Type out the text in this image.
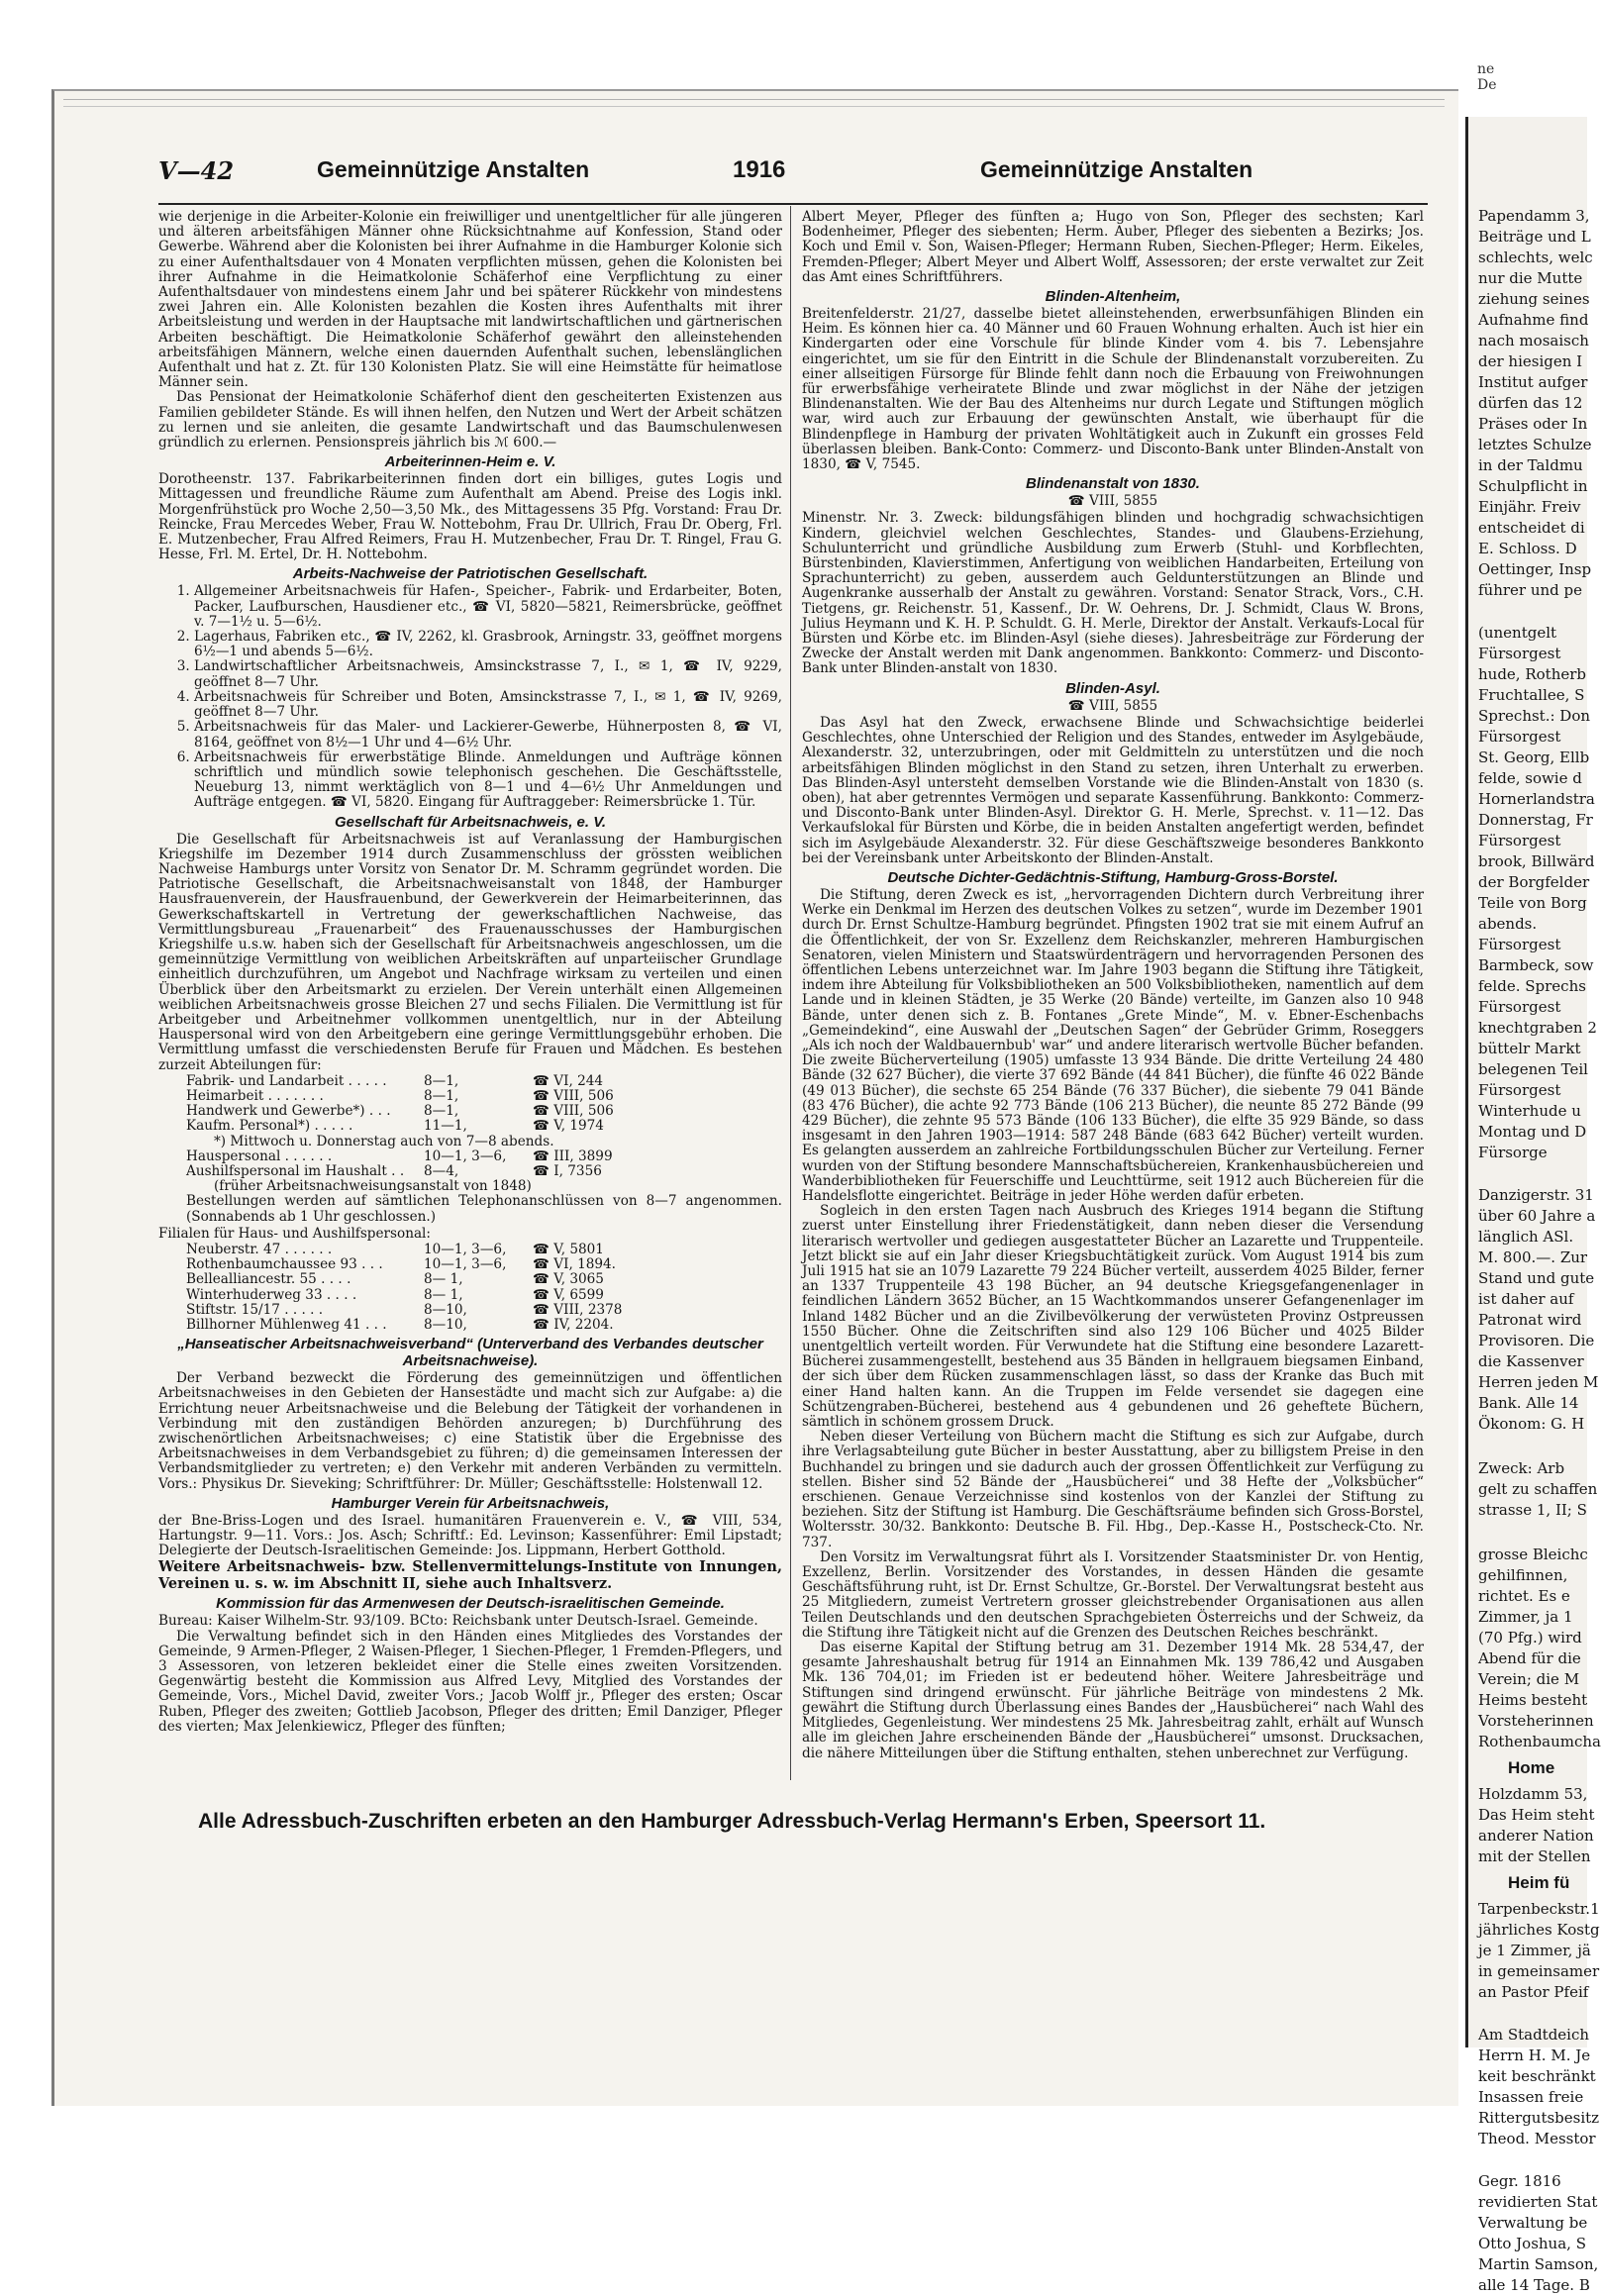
ne
De
Papendamm 3,
Beiträge und L
schlechts, welc
nur die Mutte
ziehung seines
Aufnahme find
nach mosaisch
der hiesigen I
Institut aufger
dürfen das 12
Präses oder In
letztes Schulze
in der Taldmu
Schulpflicht in
Einjähr. Freiv
entscheidet di
E. Schloss. D
Oettinger, Insp
führer und pe
(unentgelt
Fürsorgest
hude, Rotherb
Fruchtallee, S
Sprechst.: Don
Fürsorgest
St. Georg, Ellb
felde, sowie d
Hornerlandstra
Donnerstag, Fr
Fürsorgest
brook, Billwärd
der Borgfelder
Teile von Borg
abends.
Fürsorgest
Barmbeck, sow
felde. Sprechs
Fürsorgest
knechtgraben 2
büttelr Markt
belegenen Teil
Fürsorgest
Winterhude u
Montag und D
Fürsorge
Danzigerstr. 31
über 60 Jahre a
länglich ASl.
M. 800.—. Zur
Stand und gute
ist daher auf
Patronat wird
Provisoren. Die
die Kassenver
Herren jeden M
Bank. Alle 14
Ökonom: G. H
Zweck: Arb
gelt zu schaffen
strasse 1, II; S
grosse Bleichc
gehilfinnen,
richtet. Es e
Zimmer, ja 1
(70 Pfg.) wird
Abend für die
Verein; die M
Heims besteht
Vorsteherinnen
Rothenbaumcha
Home
Holzdamm 53,
Das Heim steht
anderer Nation
mit der Stellen
Heim fü
Tarpenbeckstr.1
jährliches Kostg
je 1 Zimmer, jä
in gemeinsamer
an Pastor Pfeif
Am Stadtdeich
Herrn H. M. Je
keit beschränkt
Insassen freie
Rittergutsbesitz
Theod. Messtor
Gegr. 1816
revidierten Stat
Verwaltung be
Otto Joshua, S
Martin Samson,
alle 14 Tage. B
V—42	Gemeinnützige Anstalten	1916	Gemeinnützige Anstalten

wie derjenige in die Arbeiter-Kolonie ein freiwilliger und unentgeltlicher für alle jüngeren und älteren arbeitsfähigen Männer ohne Rücksichtnahme auf Konfession, Stand oder Gewerbe. Während aber die Kolonisten bei ihrer Aufnahme in die Hamburger Kolonie sich zu einer Aufenthaltsdauer von 4 Monaten verpflichten müssen, gehen die Kolonisten bei ihrer Aufnahme in die Heimatkolonie Schäferhof eine Verpflichtung zu einer Aufenthaltsdauer von mindestens einem Jahr und bei späterer Rückkehr von mindestens zwei Jahren ein. Alle Kolonisten bezahlen die Kosten ihres Aufenthalts mit ihrer Arbeitsleistung und werden in der Hauptsache mit landwirtschaftlichen und gärtnerischen Arbeiten beschäftigt. Die Heimatkolonie Schäferhof gewährt den alleinstehenden arbeitsfähigen Männern, welche einen dauernden Aufenthalt suchen, lebenslänglichen Aufenthalt und hat z. Zt. für 130 Kolonisten Platz. Sie will eine Heimstätte für heimatlose Männer sein.

Das Pensionat der Heimatkolonie Schäferhof dient den gescheiterten Existenzen aus Familien gebildeter Stände. Es will ihnen helfen, den Nutzen und Wert der Arbeit schätzen zu lernen und sie anleiten, die gesamte Landwirtschaft und das Baumschulenwesen gründlich zu erlernen. Pensionspreis jährlich bis ℳ 600.—

Arbeiterinnen-Heim e. V.

Dorotheenstr. 137. Fabrikarbeiterinnen finden dort ein billiges, gutes Logis und Mittagessen und freundliche Räume zum Aufenthalt am Abend. Preise des Logis inkl. Morgenfrühstück pro Woche 2,50—3,50 Mk., des Mittagessens 35 Pfg. Vorstand: Frau Dr. Reincke, Frau Mercedes Weber, Frau W. Nottebohm, Frau Dr. Ullrich, Frau Dr. Oberg, Frl. E. Mutzenbecher, Frau Alfred Reimers, Frau H. Mutzenbecher, Frau Dr. T. Ringel, Frau G. Hesse, Frl. M. Ertel, Dr. H. Nottebohm.

Arbeits-Nachweise der Patriotischen Gesellschaft.
1. Allgemeiner Arbeitsnachweis für Hafen-, Speicher-, Fabrik- und Erdarbeiter, Boten, Packer, Laufburschen, Hausdiener etc., ☎ VI, 5820—5821, Reimersbrücke, geöffnet v. 7—1½ u. 5—6½.
2. Lagerhaus, Fabriken etc., ☎ IV, 2262, kl. Grasbrook, Arningstr. 33, geöffnet morgens 6½—1 und abends 5—6½.
3. Landwirtschaftlicher Arbeitsnachweis, Amsinckstrasse 7, I., ✉ 1, ☎ IV, 9229, geöffnet 8—7 Uhr.
4. Arbeitsnachweis für Schreiber und Boten, Amsinckstrasse 7, I., ✉ 1, ☎ IV, 9269, geöffnet 8—7 Uhr.
5. Arbeitsnachweis für das Maler- und Lackierer-Gewerbe, Hühnerposten 8, ☎ VI, 8164, geöffnet von 8½—1 Uhr und 4—6½ Uhr.
6. Arbeitsnachweis für erwerbstätige Blinde. Anmeldungen und Aufträge können schriftlich und mündlich sowie telephonisch geschehen. Die Geschäftsstelle, Neueburg 13, nimmt werktäglich von 8—1 und 4—6½ Uhr Anmeldungen und Aufträge entgegen. ☎ VI, 5820. Eingang für Auftraggeber: Reimersbrücke 1. Tür.
Gesellschaft für Arbeitsnachweis, e. V.

Die Gesellschaft für Arbeitsnachweis ist auf Veranlassung der Hamburgischen Kriegshilfe im Dezember 1914 durch Zusammenschluss der grössten weiblichen Nachweise Hamburgs unter Vorsitz von Senator Dr. M. Schramm gegründet worden. Die Patriotische Gesellschaft, die Arbeitsnachweisanstalt von 1848, der Hamburger Hausfrauenverein, der Hausfrauenbund, der Gewerkverein der Heimarbeiterinnen, das Gewerkschaftskartell in Vertretung der gewerkschaftlichen Nachweise, das Vermittlungsbureau „Frauenarbeit“ des Frauenausschusses der Hamburgischen Kriegshilfe u.s.w. haben sich der Gesellschaft für Arbeitsnachweis angeschlossen, um die gemeinnützige Vermittlung von weiblichen Arbeitskräften auf unparteiischer Grundlage einheitlich durchzuführen, um Angebot und Nachfrage wirksam zu verteilen und einen Überblick über den Arbeitsmarkt zu erzielen. Der Verein unterhält einen Allgemeinen weiblichen Arbeitsnachweis grosse Bleichen 27 und sechs Filialen. Die Vermittlung ist für Arbeitgeber und Arbeitnehmer vollkommen unentgeltlich, nur in der Abteilung Hauspersonal wird von den Arbeitgebern eine geringe Vermittlungsgebühr erhoben. Die Vermittlung umfasst die verschiedensten Berufe für Frauen und Mädchen. Es bestehen zurzeit Abteilungen für:

Fabrik- und Landarbeit . . . . .	8—1,	☎ VI, 244
Heimarbeit . . . . . . .	8—1,	☎ VIII, 506
Handwerk und Gewerbe*) . . .	8—1,	☎ VIII, 506
Kaufm. Personal*) . . . . .	11—1,	☎ V, 1974
*) Mittwoch u. Donnerstag auch von 7—8 abends.
Hauspersonal . . . . . .	10—1, 3—6,	☎ III, 3899
Aushilfspersonal im Haushalt . .	8—4,	☎ I, 7356
(früher Arbeitsnachweisungsanstalt von 1848)
Bestellungen werden auf sämtlichen Telephonanschlüssen von 8—7 angenommen. (Sonnabends ab 1 Uhr geschlossen.)
Filialen für Haus- und Aushilfspersonal:
Neuberstr. 47 . . . . . .	10—1, 3—6,	☎ V, 5801
Rothenbaumchaussee 93 . . .	10—1, 3—6,	☎ VI, 1894.
Bellealliancestr. 55 . . . .	8— 1,	☎ V, 3065
Winterhuderweg 33 . . . .	8— 1,	☎ V, 6599
Stiftstr. 15/17 . . . . .	8—10,	☎ VIII, 2378
Billhorner Mühlenweg 41 . . .	8—10,	☎ IV, 2204.
„Hanseatischer Arbeitsnachweisverband“ (Unterverband des Verbandes deutscher Arbeitsnachweise).

Der Verband bezweckt die Förderung des gemeinnützigen und öffentlichen Arbeitsnachweises in den Gebieten der Hansestädte und macht sich zur Aufgabe: a) die Errichtung neuer Arbeitsnachweise und die Belebung der Tätigkeit der vorhandenen in Verbindung mit den zuständigen Behörden anzuregen; b) Durchführung des zwischenörtlichen Arbeitsnachweises; c) eine Statistik über die Ergebnisse des Arbeitsnachweises in dem Verbandsgebiet zu führen; d) die gemeinsamen Interessen der Verbandsmitglieder zu vertreten; e) den Verkehr mit anderen Verbänden zu vermitteln. Vors.: Physikus Dr. Sieveking; Schriftführer: Dr. Müller; Geschäftsstelle: Holstenwall 12.

Hamburger Verein für Arbeitsnachweis,

der Bne-Briss-Logen und des Israel. humanitären Frauenverein e. V., ☎ VIII, 534, Hartungstr. 9—11. Vors.: Jos. Asch; Schriftf.: Ed. Levinson; Kassenführer: Emil Lipstadt; Delegierte der Deutsch-Israelitischen Gemeinde: Jos. Lippmann, Herbert Gotthold.

Weitere Arbeitsnachweis- bzw. Stellenvermittelungs-Institute von Innungen, Vereinen u. s. w. im Abschnitt II, siehe auch Inhaltsverz.

Kommission für das Armenwesen der Deutsch-israelitischen Gemeinde.

Bureau: Kaiser Wilhelm-Str. 93/109. BCto: Reichsbank unter Deutsch-Israel. Gemeinde.

Die Verwaltung befindet sich in den Händen eines Mitgliedes des Vorstandes der Gemeinde, 9 Armen-Pfleger, 2 Waisen-Pfleger, 1 Siechen-Pfleger, 1 Fremden-Pflegers, und 3 Assessoren, von letzeren bekleidet einer die Stelle eines zweiten Vorsitzenden. Gegenwärtig besteht die Kommission aus Alfred Levy, Mitglied des Vorstandes der Gemeinde, Vors., Michel David, zweiter Vors.; Jacob Wolff jr., Pfleger des ersten; Oscar Ruben, Pfleger des zweiten; Gottlieb Jacobson, Pfleger des dritten; Emil Danziger, Pfleger des vierten; Max Jelenkiewicz, Pfleger des fünften;

Albert Meyer, Pfleger des fünften a; Hugo von Son, Pfleger des sechsten; Karl Bodenheimer, Pfleger des siebenten; Herm. Auber, Pfleger des siebenten a Bezirks; Jos. Koch und Emil v. Son, Waisen-Pfleger; Hermann Ruben, Siechen-Pfleger; Herm. Eikeles, Fremden-Pfleger; Albert Meyer und Albert Wolff, Assessoren; der erste verwaltet zur Zeit das Amt eines Schriftführers.

Blinden-Altenheim,

Breitenfelderstr. 21/27, dasselbe bietet alleinstehenden, erwerbsunfähigen Blinden ein Heim. Es können hier ca. 40 Männer und 60 Frauen Wohnung erhalten. Auch ist hier ein Kindergarten oder eine Vorschule für blinde Kinder vom 4. bis 7. Lebensjahre eingerichtet, um sie für den Eintritt in die Schule der Blindenanstalt vorzubereiten. Zu einer allseitigen Fürsorge für Blinde fehlt dann noch die Erbauung von Freiwohnungen für erwerbsfähige verheiratete Blinde und zwar möglichst in der Nähe der jetzigen Blindenanstalten. Wie der Bau des Altenheims nur durch Legate und Stiftungen möglich war, wird auch zur Erbauung der gewünschten Anstalt, wie überhaupt für die Blindenpflege in Hamburg der privaten Wohltätigkeit auch in Zukunft ein grosses Feld überlassen bleiben. Bank-Conto: Commerz- und Disconto-Bank unter Blinden-Anstalt von 1830, ☎ V, 7545.

Blindenanstalt von 1830.
☎ VIII, 5855

Minenstr. Nr. 3. Zweck: bildungsfähigen blinden und hochgradig schwachsichtigen Kindern, gleichviel welchen Geschlechtes, Standes- und Glaubens-Erziehung, Schulunterricht und gründliche Ausbildung zum Erwerb (Stuhl- und Korbflechten, Bürstenbinden, Klavierstimmen, Anfertigung von weiblichen Handarbeiten, Erteilung von Sprachunterricht) zu geben, ausserdem auch Geldunterstützungen an Blinde und Augenkranke ausserhalb der Anstalt zu gewähren. Vorstand: Senator Strack, Vors., C.H. Tietgens, gr. Reichenstr. 51, Kassenf., Dr. W. Oehrens, Dr. J. Schmidt, Claus W. Brons, Julius Heymann und K. H. P. Schuldt. G. H. Merle, Direktor der Anstalt. Verkaufs-Local für Bürsten und Körbe etc. im Blinden-Asyl (siehe dieses). Jahresbeiträge zur Förderung der Zwecke der Anstalt werden mit Dank angenommen. Bankkonto: Commerz- und Disconto-Bank unter Blinden-anstalt von 1830.

Blinden-Asyl.
☎ VIII, 5855

Das Asyl hat den Zweck, erwachsene Blinde und Schwachsichtige beiderlei Geschlechtes, ohne Unterschied der Religion und des Standes, entweder im Asylgebäude, Alexanderstr. 32, unterzubringen, oder mit Geldmitteln zu unterstützen und die noch arbeitsfähigen Blinden möglichst in den Stand zu setzen, ihren Unterhalt zu erwerben. Das Blinden-Asyl untersteht demselben Vorstande wie die Blinden-Anstalt von 1830 (s. oben), hat aber getrenntes Vermögen und separate Kassenführung. Bankkonto: Commerz- und Disconto-Bank unter Blinden-Asyl. Direktor G. H. Merle, Sprechst. v. 11—12. Das Verkaufslokal für Bürsten und Körbe, die in beiden Anstalten angefertigt werden, befindet sich im Asylgebäude Alexanderstr. 32. Für diese Geschäftszweige besonderes Bankkonto bei der Vereinsbank unter Arbeitskonto der Blinden-Anstalt.

Deutsche Dichter-Gedächtnis-Stiftung, Hamburg-Gross-Borstel.

Die Stiftung, deren Zweck es ist, „hervorragenden Dichtern durch Verbreitung ihrer Werke ein Denkmal im Herzen des deutschen Volkes zu setzen“, wurde im Dezember 1901 durch Dr. Ernst Schultze-Hamburg begründet. Pfingsten 1902 trat sie mit einem Aufruf an die Öffentlichkeit, der von Sr. Exzellenz dem Reichskanzler, mehreren Hamburgischen Senatoren, vielen Ministern und Staatswürdenträgern und hervorragenden Personen des öffentlichen Lebens unterzeichnet war. Im Jahre 1903 begann die Stiftung ihre Tätigkeit, indem ihre Abteilung für Volksbibliotheken an 500 Volksbibliotheken, namentlich auf dem Lande und in kleinen Städten, je 35 Werke (20 Bände) verteilte, im Ganzen also 10 948 Bände, unter denen sich z. B. Fontanes „Grete Minde“, M. v. Ebner-Eschenbachs „Gemeindekind“, eine Auswahl der „Deutschen Sagen“ der Gebrüder Grimm, Roseggers „Als ich noch der Waldbauernbub' war“ und andere literarisch wertvolle Bücher befanden. Die zweite Bücherverteilung (1905) umfasste 13 934 Bände. Die dritte Verteilung 24 480 Bände (32 627 Bücher), die vierte 37 692 Bände (44 841 Bücher), die fünfte 46 022 Bände (49 013 Bücher), die sechste 65 254 Bände (76 337 Bücher), die siebente 79 041 Bände (83 476 Bücher), die achte 92 773 Bände (106 213 Bücher), die neunte 85 272 Bände (99 429 Bücher), die zehnte 95 573 Bände (106 133 Bücher), die elfte 35 929 Bände, so dass insgesamt in den Jahren 1903—1914: 587 248 Bände (683 642 Bücher) verteilt wurden. Es gelangten ausserdem an zahlreiche Fortbildungsschulen Bücher zur Verteilung. Ferner wurden von der Stiftung besondere Mannschaftsbüchereien, Krankenhausbüchereien und Wanderbibliotheken für Feuerschiffe und Leuchttürme, seit 1912 auch Büchereien für die Handelsflotte eingerichtet. Beiträge in jeder Höhe werden dafür erbeten.

Sogleich in den ersten Tagen nach Ausbruch des Krieges 1914 begann die Stiftung zuerst unter Einstellung ihrer Friedenstätigkeit, dann neben dieser die Versendung literarisch wertvoller und gediegen ausgestatteter Bücher an Lazarette und Truppenteile. Jetzt blickt sie auf ein Jahr dieser Kriegsbuchtätigkeit zurück. Vom August 1914 bis zum Juli 1915 hat sie an 1079 Lazarette 79 224 Bücher verteilt, ausserdem 4025 Bilder, ferner an 1337 Truppenteile 43 198 Bücher, an 94 deutsche Kriegsgefangenenlager in feindlichen Ländern 3652 Bücher, an 15 Wachtkommandos unserer Gefangenenlager im Inland 1482 Bücher und an die Zivilbevölkerung der verwüsteten Provinz Ostpreussen 1550 Bücher. Ohne die Zeitschriften sind also 129 106 Bücher und 4025 Bilder unentgeltlich verteilt worden. Für Verwundete hat die Stiftung eine besondere Lazarett-Bücherei zusammengestellt, bestehend aus 35 Bänden in hellgrauem biegsamen Einband, der sich über dem Rücken zusammenschlagen lässt, so dass der Kranke das Buch mit einer Hand halten kann. An die Truppen im Felde versendet sie dagegen eine Schützengraben-Bücherei, bestehend aus 4 gebundenen und 26 geheftete Büchern, sämtlich in schönem grossem Druck.

Neben dieser Verteilung von Büchern macht die Stiftung es sich zur Aufgabe, durch ihre Verlagsabteilung gute Bücher in bester Ausstattung, aber zu billigstem Preise in den Buchhandel zu bringen und sie dadurch auch der grossen Öffentlichkeit zur Verfügung zu stellen. Bisher sind 52 Bände der „Hausbücherei“ und 38 Hefte der „Volksbücher“ erschienen. Genaue Verzeichnisse sind kostenlos von der Kanzlei der Stiftung zu beziehen. Sitz der Stiftung ist Hamburg. Die Geschäftsräume befinden sich Gross-Borstel, Woltersstr. 30/32. Bankkonto: Deutsche B. Fil. Hbg., Dep.-Kasse H., Postscheck-Cto. Nr. 737.

Den Vorsitz im Verwaltungsrat führt als I. Vorsitzender Staatsminister Dr. von Hentig, Exzellenz, Berlin. Vorsitzender des Vorstandes, in dessen Händen die gesamte Geschäftsführung ruht, ist Dr. Ernst Schultze, Gr.-Borstel. Der Verwaltungsrat besteht aus 25 Mitgliedern, zumeist Vertretern grosser gleichstrebender Organisationen aus allen Teilen Deutschlands und den deutschen Sprachgebieten Österreichs und der Schweiz, da die Stiftung ihre Tätigkeit nicht auf die Grenzen des Deutschen Reiches beschränkt.

Das eiserne Kapital der Stiftung betrug am 31. Dezember 1914 Mk. 28 534,47, der gesamte Jahreshaushalt betrug für 1914 an Einnahmen Mk. 139 786,42 und Ausgaben Mk. 136 704,01; im Frieden ist er bedeutend höher. Weitere Jahresbeiträge und Stiftungen sind dringend erwünscht. Für jährliche Beiträge von mindestens 2 Mk. gewährt die Stiftung durch Überlassung eines Bandes der „Hausbücherei“ nach Wahl des Mitgliedes, Gegenleistung. Wer mindestens 25 Mk. Jahresbeitrag zahlt, erhält auf Wunsch alle im gleichen Jahre erscheinenden Bände der „Hausbücherei“ umsonst. Drucksachen, die nähere Mitteilungen über die Stiftung enthalten, stehen unberechnet zur Verfügung.

Alle Adressbuch-Zuschriften erbeten an den Hamburger Adressbuch-Verlag Hermann's Erben, Speersort 11.
